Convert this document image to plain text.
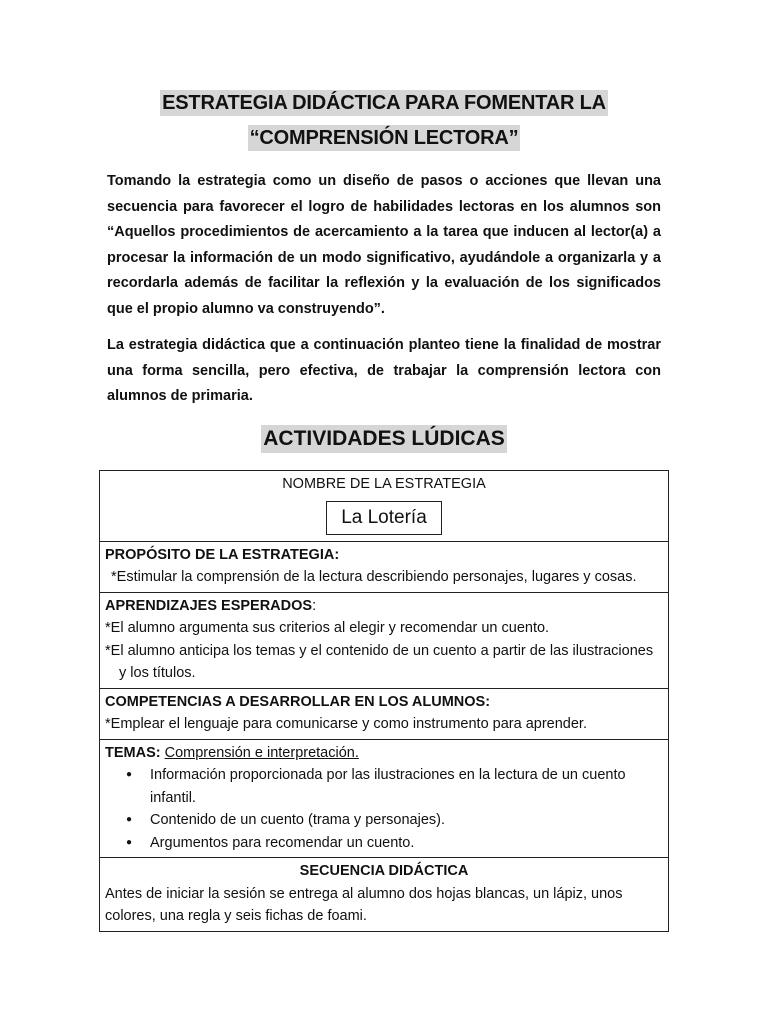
ESTRATEGIA DIDÁCTICA PARA FOMENTAR LA
“COMPRENSIÓN LECTORA”

Tomando la estrategia como un diseño de pasos o acciones que llevan una secuencia para favorecer el logro de habilidades lectoras en los alumnos son “Aquellos procedimientos de acercamiento a la tarea que inducen al lector(a) a procesar la información de un modo significativo, ayudándole a organizarla y a recordarla además de facilitar la reflexión y la evaluación de los significados que el propio alumno va construyendo”.

La estrategia didáctica que a continuación planteo tiene la finalidad de mostrar una forma sencilla, pero efectiva, de trabajar la comprensión lectora con alumnos de primaria.

ACTIVIDADES LÚDICAS
NOMBRE DE LA ESTRATEGIA
La Lotería
PROPÓSITO DE LA ESTRATEGIA:
*Estimular la comprensión de la lectura describiendo personajes, lugares y cosas.
APRENDIZAJES ESPERADOS:
*El alumno argumenta sus criterios al elegir y recomendar un cuento.
*El alumno anticipa los temas y el contenido de un cuento a partir de las ilustraciones y los títulos.
COMPETENCIAS A DESARROLLAR EN LOS ALUMNOS:
*Emplear el lenguaje para comunicarse y como instrumento para aprender.
TEMAS: Comprensión e interpretación.
● Información proporcionada por las ilustraciones en la lectura de un cuento infantil.
● Contenido de un cuento (trama y personajes).
● Argumentos para recomendar un cuento.
SECUENCIA DIDÁCTICA
Antes de iniciar la sesión se entrega al alumno dos hojas blancas, un lápiz, unos colores, una regla y seis fichas de foami.
